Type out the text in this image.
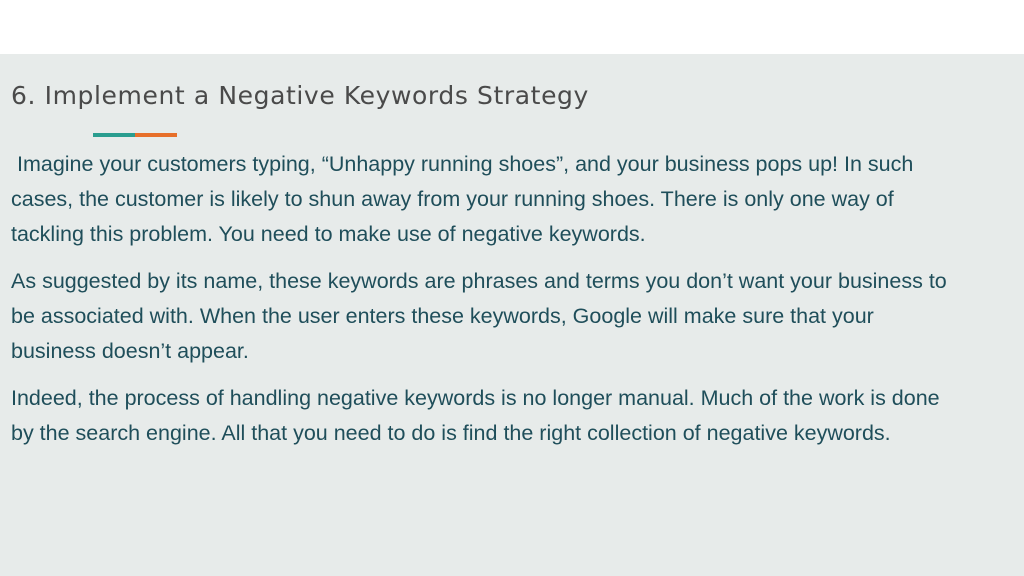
6. Implement a Negative Keywords Strategy

Imagine your customers typing, “Unhappy running shoes”, and your business pops up! In such cases, the customer is likely to shun away from your running shoes. There is only one way of tackling this problem. You need to make use of negative keywords.

As suggested by its name, these keywords are phrases and terms you don’t want your business to be associated with. When the user enters these keywords, Google will make sure that your business doesn’t appear.

Indeed, the process of handling negative keywords is no longer manual. Much of the work is done by the search engine. All that you need to do is find the right collection of negative keywords.
